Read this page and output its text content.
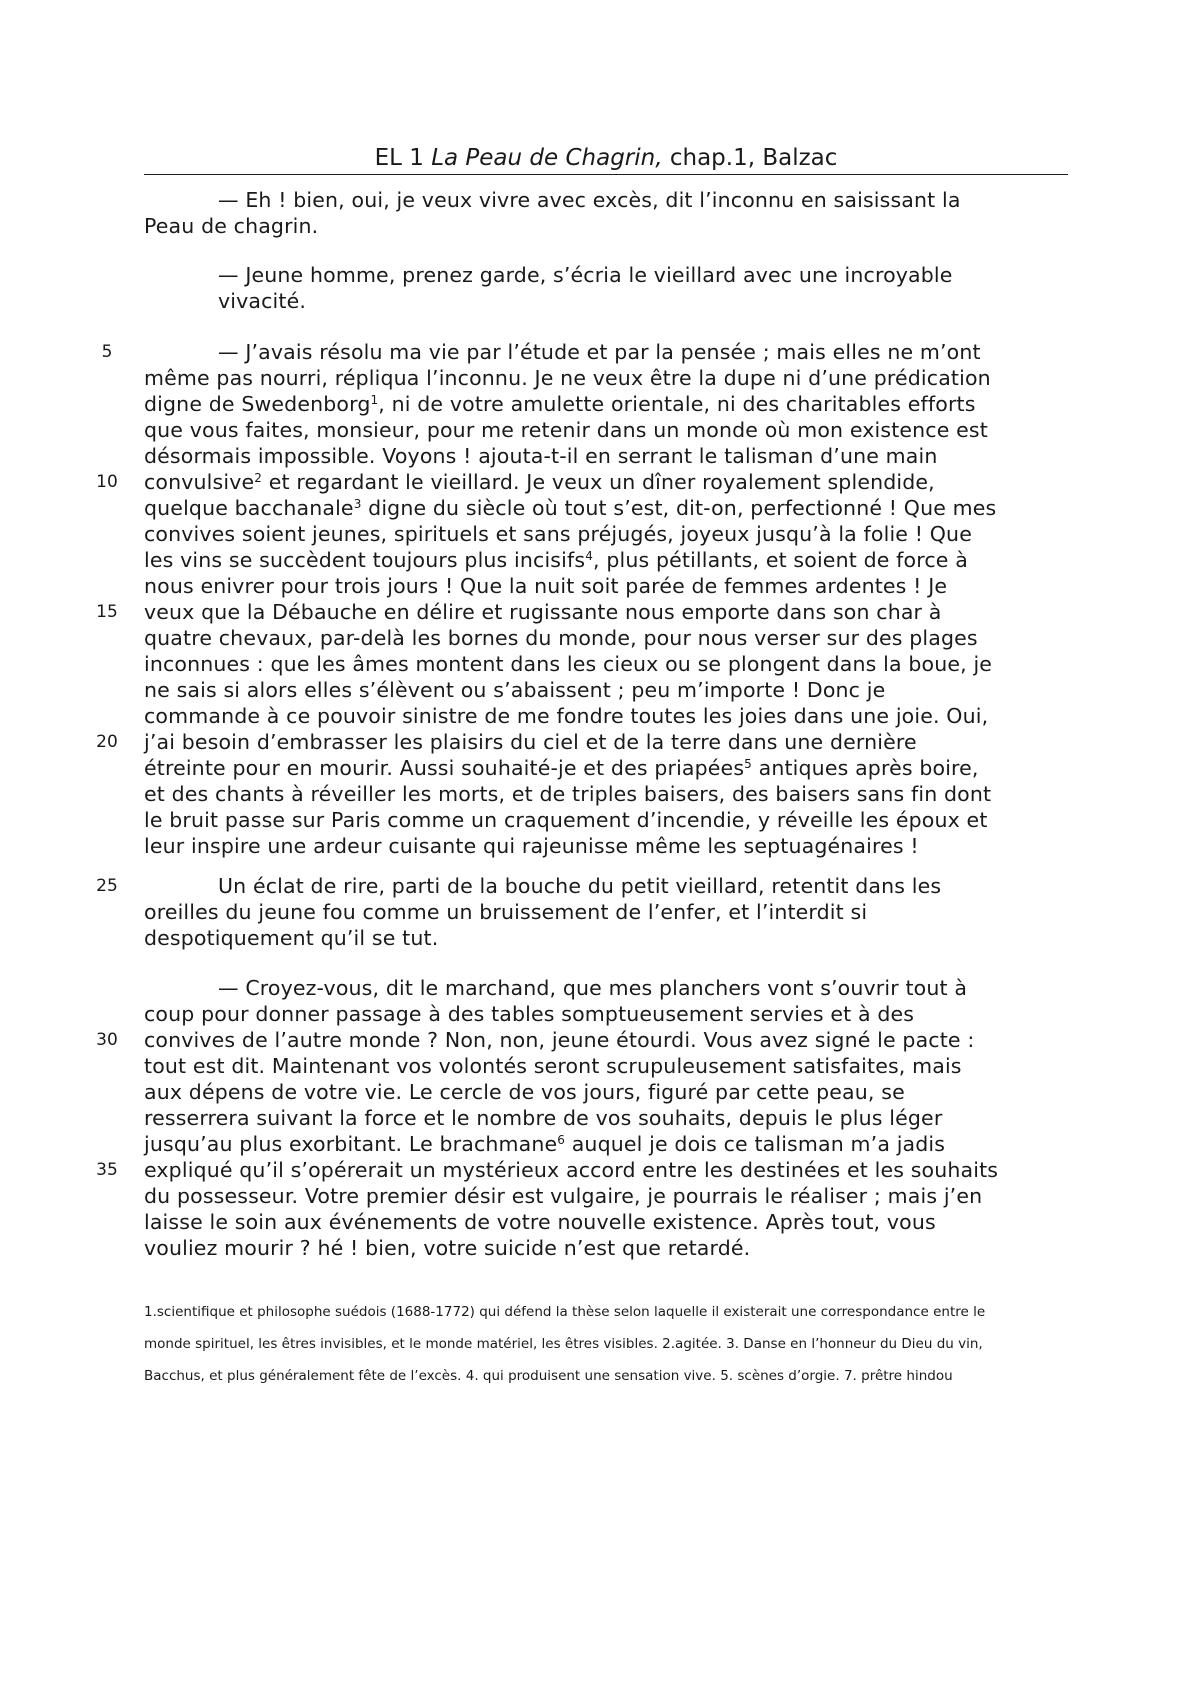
EL 1 La Peau de Chagrin, chap.1, Balzac
— Eh ! bien, oui, je veux vivre avec excès, dit l’inconnu en saisissant la
Peau de chagrin.
— Jeune homme, prenez garde, s’écria le vieillard avec une incroyable
vivacité.
— J’avais résolu ma vie par l’étude et par la pensée ; mais elles ne m’ont
même pas nourri, répliqua l’inconnu. Je ne veux être la dupe ni d’une prédication
digne de Swedenborg$^1$, ni de votre amulette orientale, ni des charitables efforts
que vous faites, monsieur, pour me retenir dans un monde où mon existence est
désormais impossible. Voyons ! ajouta-t-il en serrant le talisman d’une main
convulsive$^2$ et regardant le vieillard. Je veux un dîner royalement splendide,
quelque bacchanale$^3$ digne du siècle où tout s’est, dit-on, perfectionné ! Que mes
convives soient jeunes, spirituels et sans préjugés, joyeux jusqu’à la folie ! Que
les vins se succèdent toujours plus incisifs$^4$, plus pétillants, et soient de force à
nous enivrer pour trois jours ! Que la nuit soit parée de femmes ardentes ! Je
veux que la Débauche en délire et rugissante nous emporte dans son char à
quatre chevaux, par-delà les bornes du monde, pour nous verser sur des plages
inconnues : que les âmes montent dans les cieux ou se plongent dans la boue, je
ne sais si alors elles s’élèvent ou s’abaissent ; peu m’importe ! Donc je
commande à ce pouvoir sinistre de me fondre toutes les joies dans une joie. Oui,
j’ai besoin d’embrasser les plaisirs du ciel et de la terre dans une dernière
étreinte pour en mourir. Aussi souhaité-je et des priapées$^5$ antiques après boire,
et des chants à réveiller les morts, et de triples baisers, des baisers sans fin dont
le bruit passe sur Paris comme un craquement d’incendie, y réveille les époux et
leur inspire une ardeur cuisante qui rajeunisse même les septuagénaires !
Un éclat de rire, parti de la bouche du petit vieillard, retentit dans les
oreilles du jeune fou comme un bruissement de l’enfer, et l’interdit si
despotiquement qu’il se tut.
— Croyez-vous, dit le marchand, que mes planchers vont s’ouvrir tout à
coup pour donner passage à des tables somptueusement servies et à des
convives de l’autre monde ? Non, non, jeune étourdi. Vous avez signé le pacte :
tout est dit. Maintenant vos volontés seront scrupuleusement satisfaites, mais
aux dépens de votre vie. Le cercle de vos jours, figuré par cette peau, se
resserrera suivant la force et le nombre de vos souhaits, depuis le plus léger
jusqu’au plus exorbitant. Le brachmane$^6$ auquel je dois ce talisman m’a jadis
expliqué qu’il s’opérerait un mystérieux accord entre les destinées et les souhaits
du possesseur. Votre premier désir est vulgaire, je pourrais le réaliser ; mais j’en
laisse le soin aux événements de votre nouvelle existence. Après tout, vous
vouliez mourir ? hé ! bien, votre suicide n’est que retardé.
5
10
15
20
25
30
35
1.scientifique et philosophe suédois (1688-1772) qui défend la thèse selon laquelle il existerait une correspondance entre le
monde spirituel, les êtres invisibles, et le monde matériel, les êtres visibles. 2.agitée. 3. Danse en l’honneur du Dieu du vin,
Bacchus, et plus généralement fête de l’excès. 4. qui produisent une sensation vive. 5. scènes d’orgie. 7. prêtre hindou
